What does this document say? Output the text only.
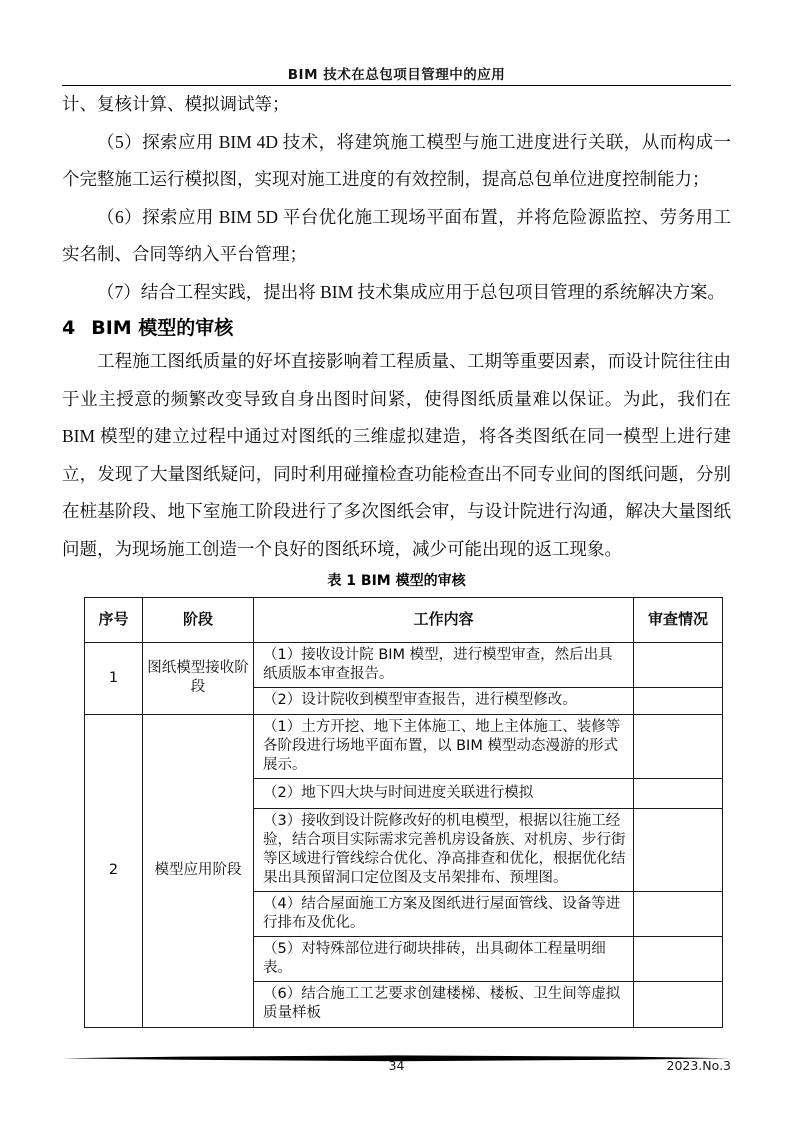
BIM 技术在总包项目管理中的应用

计、复核计算、模拟调试等；

（5）探索应用 BIM 4D 技术，将建筑施工模型与施工进度进行关联，从而构成一个完整施工运行模拟图，实现对施工进度的有效控制，提高总包单位进度控制能力；

（6）探索应用 BIM 5D 平台优化施工现场平面布置，并将危险源监控、劳务用工实名制、合同等纳入平台管理；

（7）结合工程实践，提出将 BIM 技术集成应用于总包项目管理的系统解决方案。

4 BIM 模型的审核

工程施工图纸质量的好坏直接影响着工程质量、工期等重要因素，而设计院往往由于业主授意的频繁改变导致自身出图时间紧，使得图纸质量难以保证。为此，我们在 BIM 模型的建立过程中通过对图纸的三维虚拟建造，将各类图纸在同一模型上进行建立，发现了大量图纸疑问，同时利用碰撞检查功能检查出不同专业间的图纸问题，分别在桩基阶段、地下室施工阶段进行了多次图纸会审，与设计院进行沟通，解决大量图纸问题，为现场施工创造一个良好的图纸环境，减少可能出现的返工现象。

表 1 BIM 模型的审核
序号	阶段	工作内容	审查情况
1	图纸模型接收阶段	（1）接收设计院 BIM 模型，进行模型审查，然后出具纸质版本审查报告。	
		（2）设计院收到模型审查报告，进行模型修改。	
2	模型应用阶段	（1）土方开挖、地下主体施工、地上主体施工、装修等各阶段进行场地平面布置，以 BIM 模型动态漫游的形式展示。	
		（2）地下四大块与时间进度关联进行模拟	
		（3）接收到设计院修改好的机电模型，根据以往施工经验，结合项目实际需求完善机房设备族、对机房、步行街等区域进行管线综合优化、净高排查和优化，根据优化结果出具预留洞口定位图及支吊架排布、预埋图。	
		（4）结合屋面施工方案及图纸进行屋面管线、设备等进行排布及优化。	
		（5）对特殊部位进行砌块排砖，出具砌体工程量明细表。	
		（6）结合施工工艺要求创建楼梯、楼板、卫生间等虚拟质量样板	
34	2023.No.3
